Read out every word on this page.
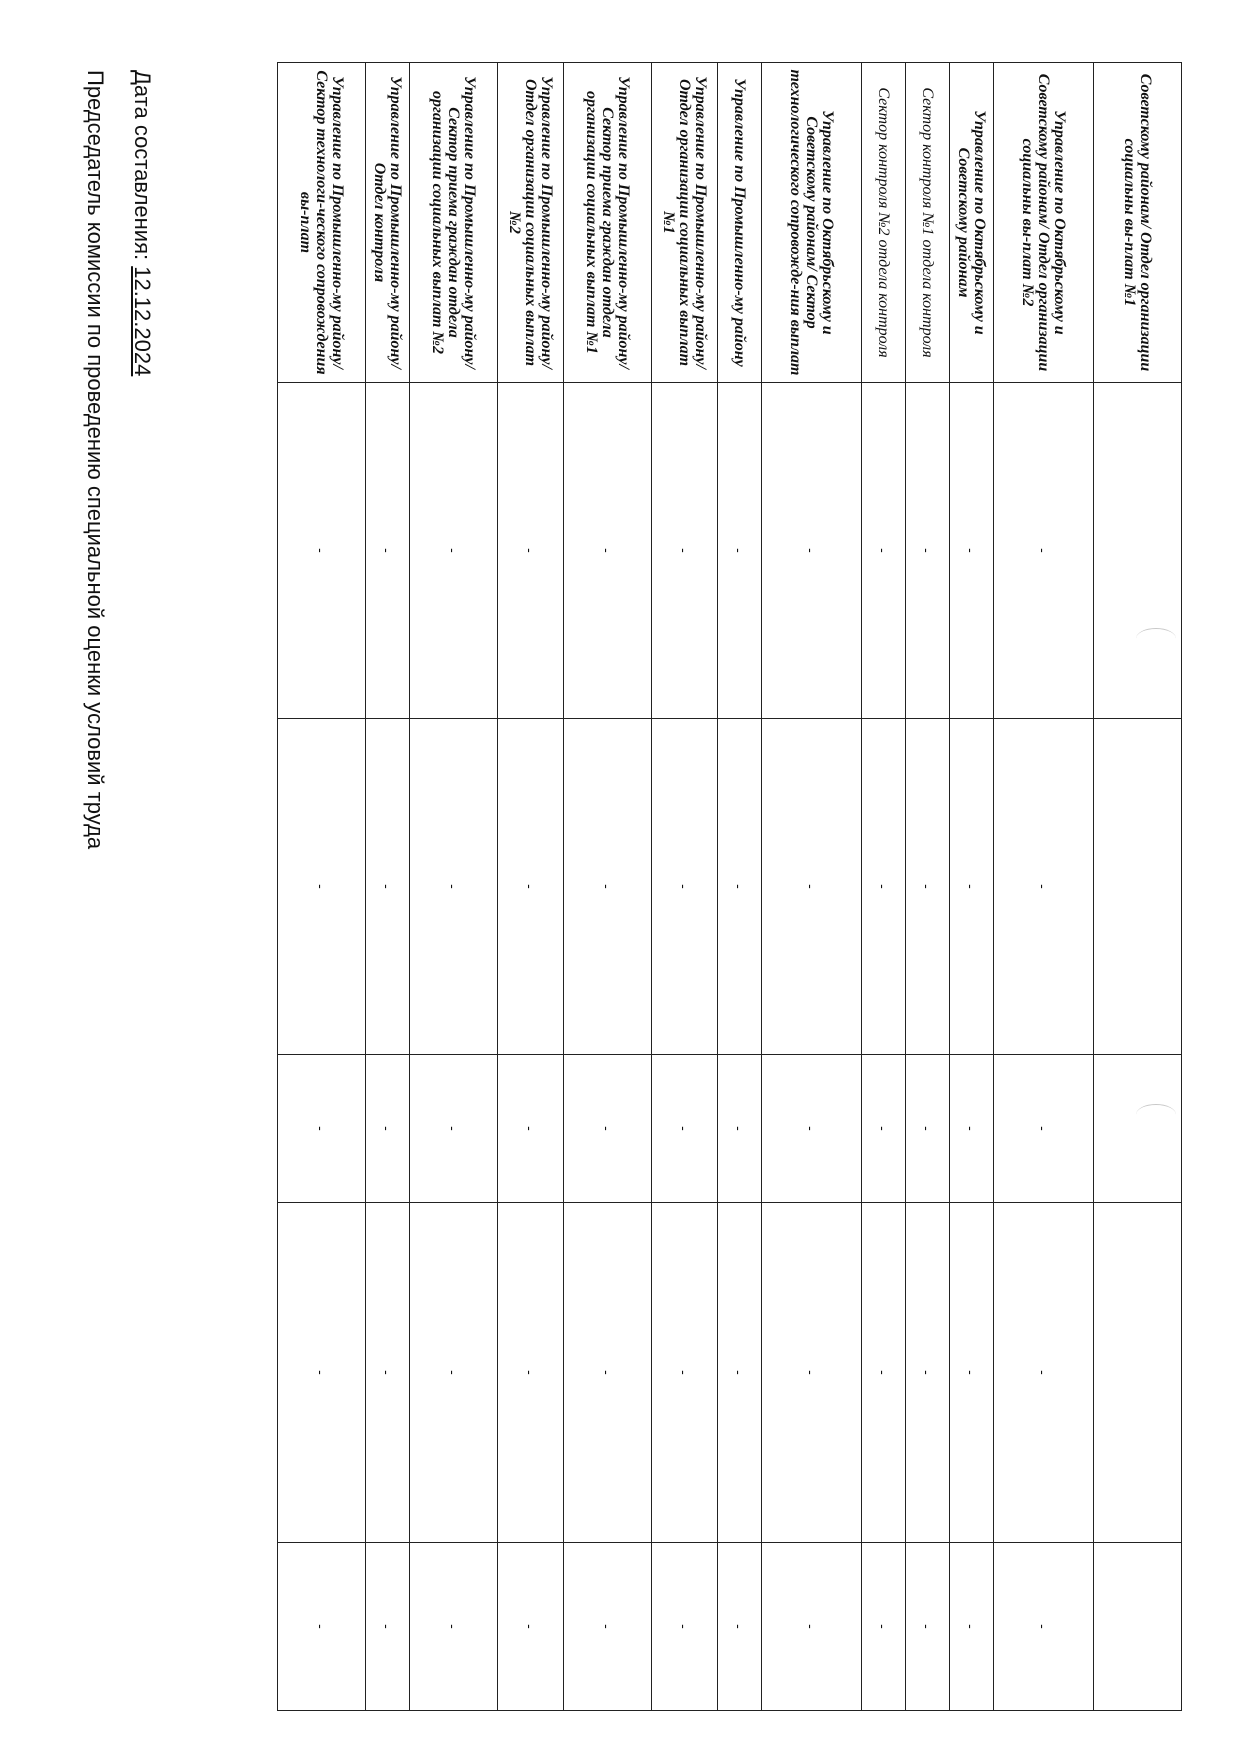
Советскому районам/ Отдел организации социальны вы-плат №1					
Управление по Октябрьскому и Советскому районам/ Отдел организации социальны вы-плат №2	-	-	-	-	-
Управление по Октябрьскому и Советскому районам	-	-	-	-	-
Сектор контроля №1 отдела контроля	-	-	-	-	-
Сектор контроля №2 отдела контроля	-	-	-	-	-
Управление по Октябрьскому и Советскому районам/ Сектор технологического сопровожде-ния выплат	-	-	-	-	-
Управление по Промышленно-му району	-	-	-	-	-
Управление по Промышленно-му району/ Отдел организации социальных выплат №1	-	-	-	-	-
Управление по Промышленно-му району/ Сектор приема граждан отдела организации социальных выплат №1	-	-	-	-	-
Управление по Промышленно-му району/ Отдел организации социальных выплат №2	-	-	-	-	-
Управление по Промышленно-му району/ Сектор приема граждан отдела организации социальных выплат №2	-	-	-	-	-
Управление по Промышленно-му району/ Отдел контроля	-	-	-	-	-
Управление по Промышленно-му району/ Сектор технологи-ческого сопровождения вы-плат	-	-	-	-	-
Дата составления: 12.12.2024
Председатель комиссии по проведению специальной оценки условий труда
